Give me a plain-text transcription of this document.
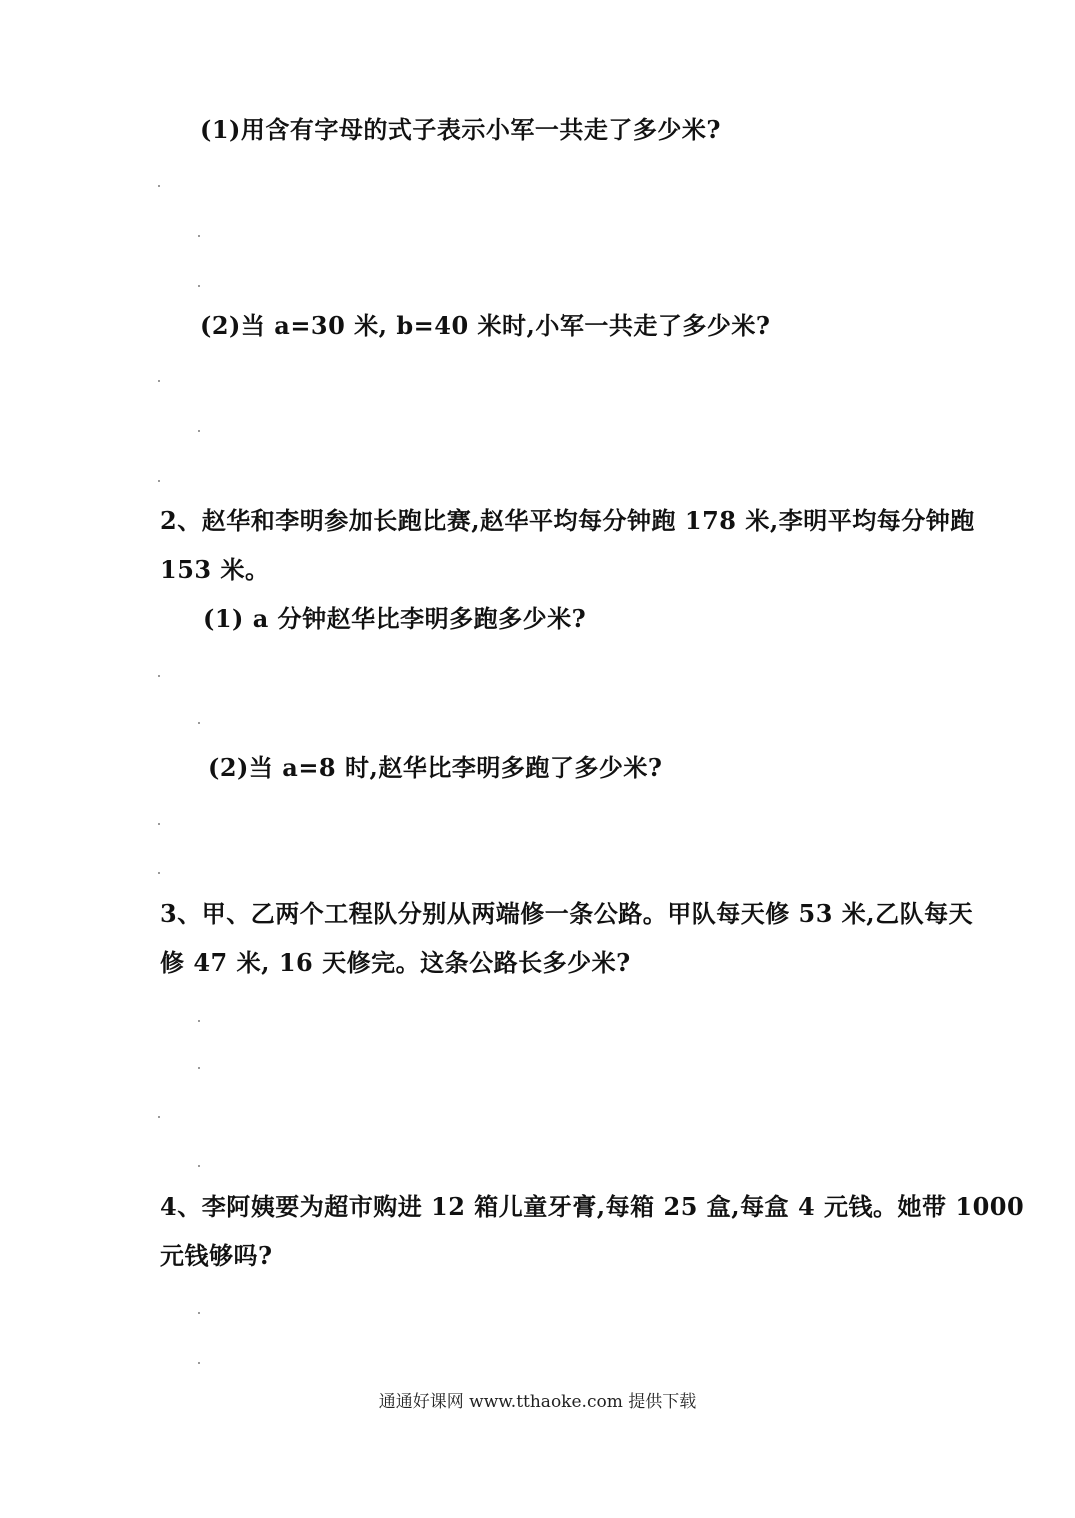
(1)用含有字母的式子表示小军一共走了多少米?
(2)当 a=30 米, b=40 米时,小军一共走了多少米?
2、赵华和李明参加长跑比赛,赵华平均每分钟跑 178 米,李明平均每分钟跑
153 米。
(1) a 分钟赵华比李明多跑多少米?
(2)当 a=8 时,赵华比李明多跑了多少米?
3、甲、乙两个工程队分别从两端修一条公路。甲队每天修 53 米,乙队每天
修 47 米, 16 天修完。这条公路长多少米?
4、李阿姨要为超市购进 12 箱儿童牙膏,每箱 25 盒,每盒 4 元钱。她带 1000
元钱够吗?
通通好课网 www.tthaoke.com 提供下载
